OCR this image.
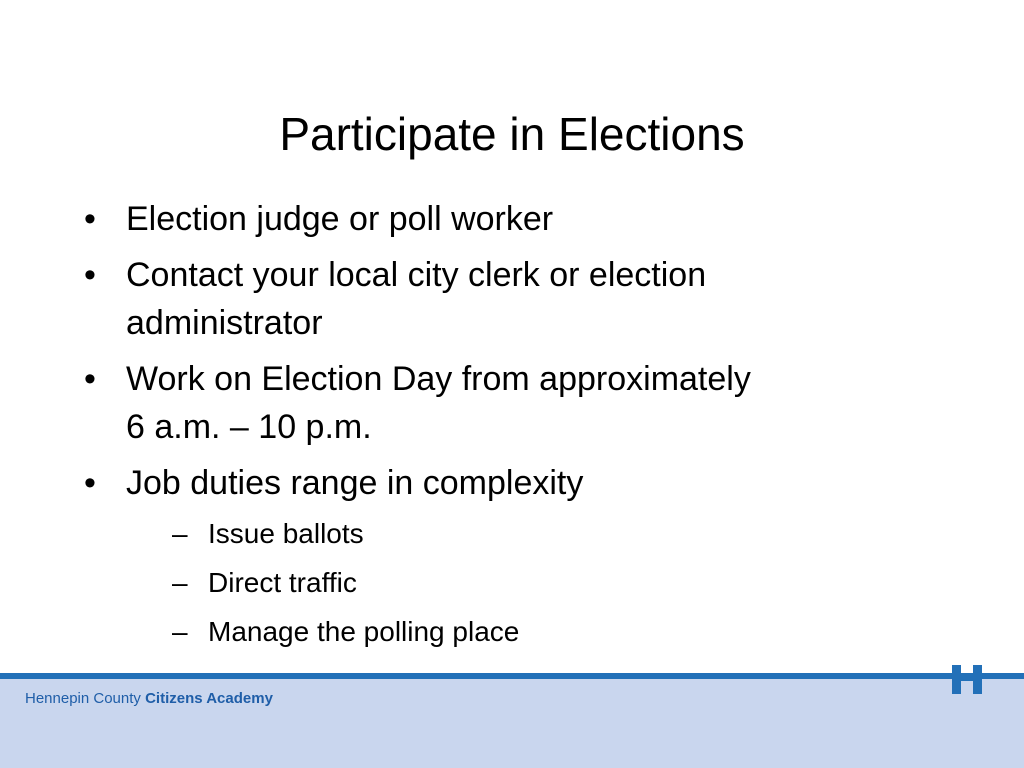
Participate in Elections
• Election judge or poll worker
• Contact your local city clerk or election
administrator
• Work on Election Day from approximately
6 a.m. – 10 p.m.
• Job duties range in complexity
– Issue ballots
– Direct traffic
– Manage the polling place
Hennepin County Citizens Academy
